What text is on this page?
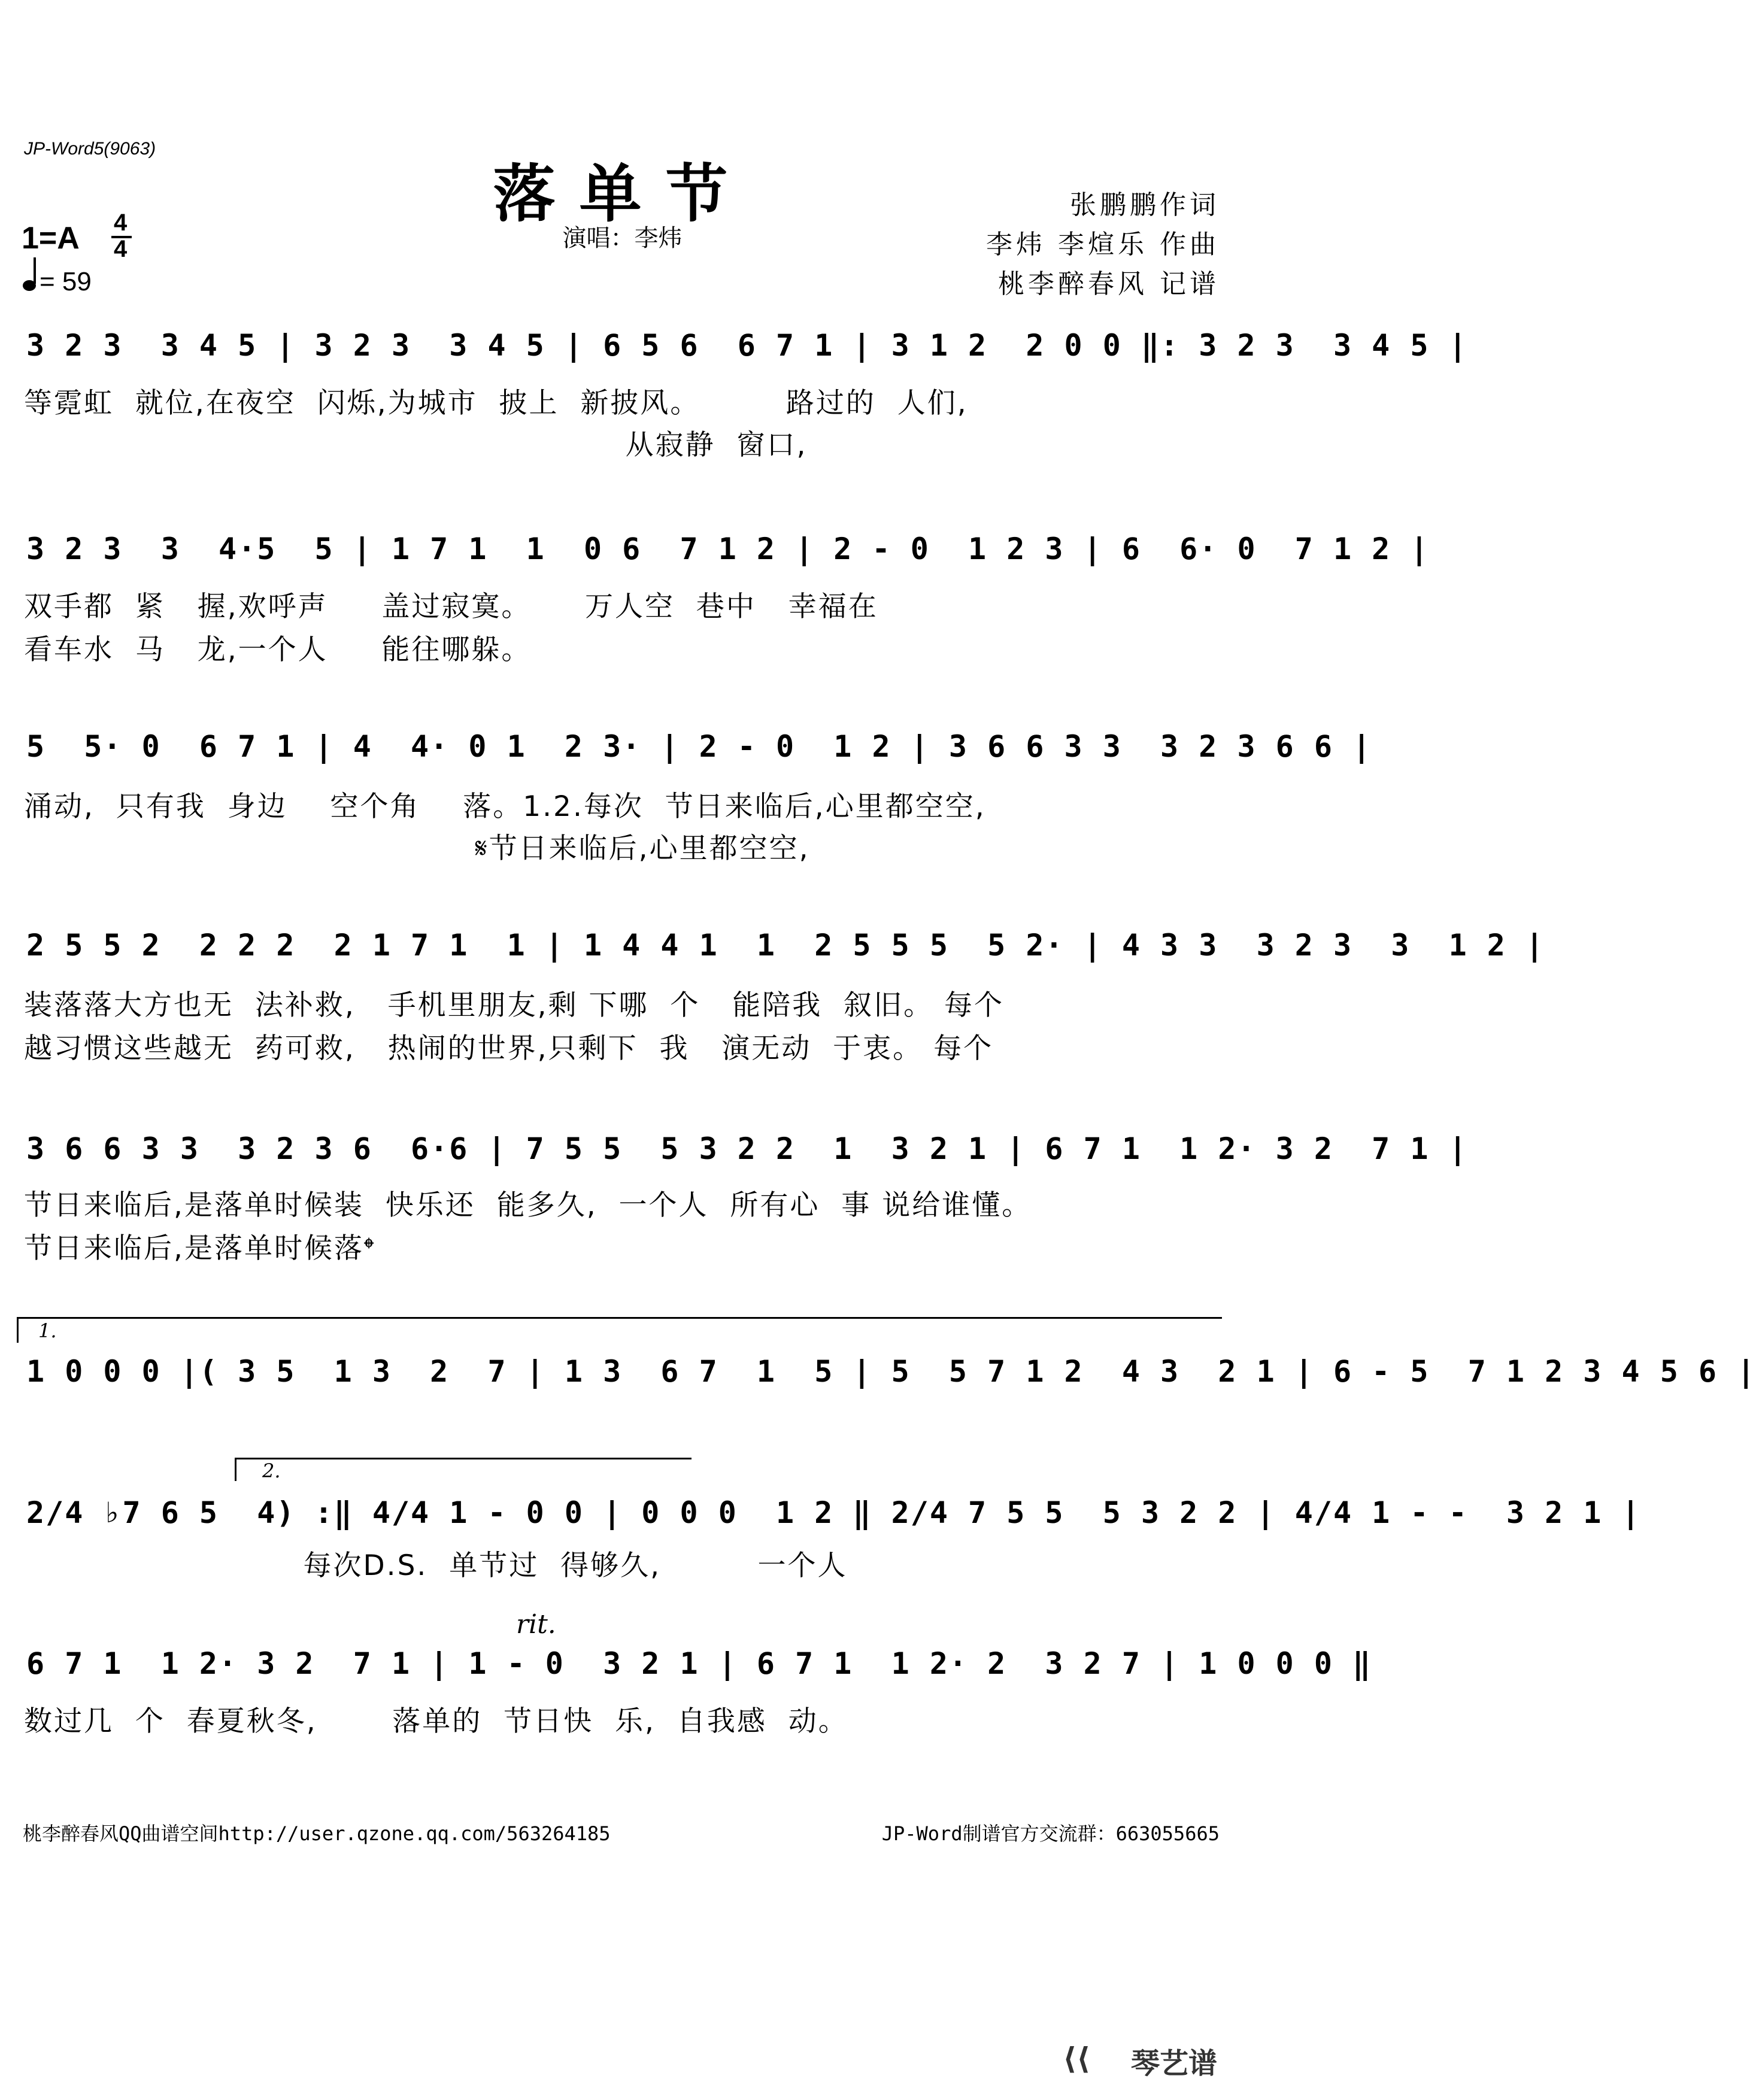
JP-Word5(9063)
落单节
演唱：李炜
张鹏鹏作词
李炜 李煊乐 作曲
桃李醉春风 记谱
1=A 4
4
= 59
3 2 3  3 4 5 | 3 2 3  3 4 5 | 6 5 6  6 7 1 | 3 1 2  2 0 0 ‖: 3 2 3  3 4 5 |
等霓虹  就位,在夜空  闪烁,为城市  披上  新披风。        路过的  人们,
从寂静  窗口,
3 2 3  3  4·5  5 | 1 7 1  1  0 6  7 1 2 | 2 - 0  1 2 3 | 6  6· 0  7 1 2 |
双手都  紧   握,欢呼声     盖过寂寞。     万人空  巷中   幸福在
看车水  马   龙,一个人     能往哪躲。
5  5· 0  6 7 1 | 4  4· 0 1  2 3· | 2 - 0  1 2 | 3 6 6 3 3  3 2 3 6 6 |
涌动,  只有我  身边    空个角    落。1.2.每次  节日来临后,心里都空空,
𝄋节日来临后,心里都空空,
2 5 5 2  2 2 2  2 1 7 1  1 | 1 4 4 1  1  2 5 5 5  5 2· | 4 3 3  3 2 3  3  1 2 |
装落落大方也无  法补救,   手机里朋友,剩 下哪  个   能陪我  叙旧。 每个
越习惯这些越无  药可救,   热闹的世界,只剩下  我   演无动  于衷。 每个
3 6 6 3 3  3 2 3 6  6·6 | 7 5 5  5 3 2 2  1  3 2 1 | 6 7 1  1 2· 3 2  7 1 |
节日来临后,是落单时候装  快乐还  能多久,  一个人  所有心  事 说给谁懂。
节日来临后,是落单时候落𝄌
1.
1 0 0 0 |( 3 5  1 3  2  7 | 1 3  6 7  1  5 | 5  5 7 1 2  4 3  2 1 | 6 - 5  7 1 2 3 4 5 6 |
2.
2/4 ♭7 6 5  4) :‖ 4/4 1 - 0 0 | 0 0 0  1 2 ‖ 2/4 7 5 5  5 3 2 2 | 4/4 1 - -  3 2 1 |
每次D.S.  单节过  得够久,         一个人
rit.
6 7 1  1 2· 3 2  7 1 | 1 - 0  3 2 1 | 6 7 1  1 2· 2  3 2 7 | 1 0 0 0 ‖
数过几  个  春夏秋冬,       落单的  节日快  乐,  自我感  动。
桃李醉春风QQ曲谱空间http://user.qzone.qq.com/563264185	JP-Word制谱官方交流群：663055665
⟨⟨ 琴艺谱
